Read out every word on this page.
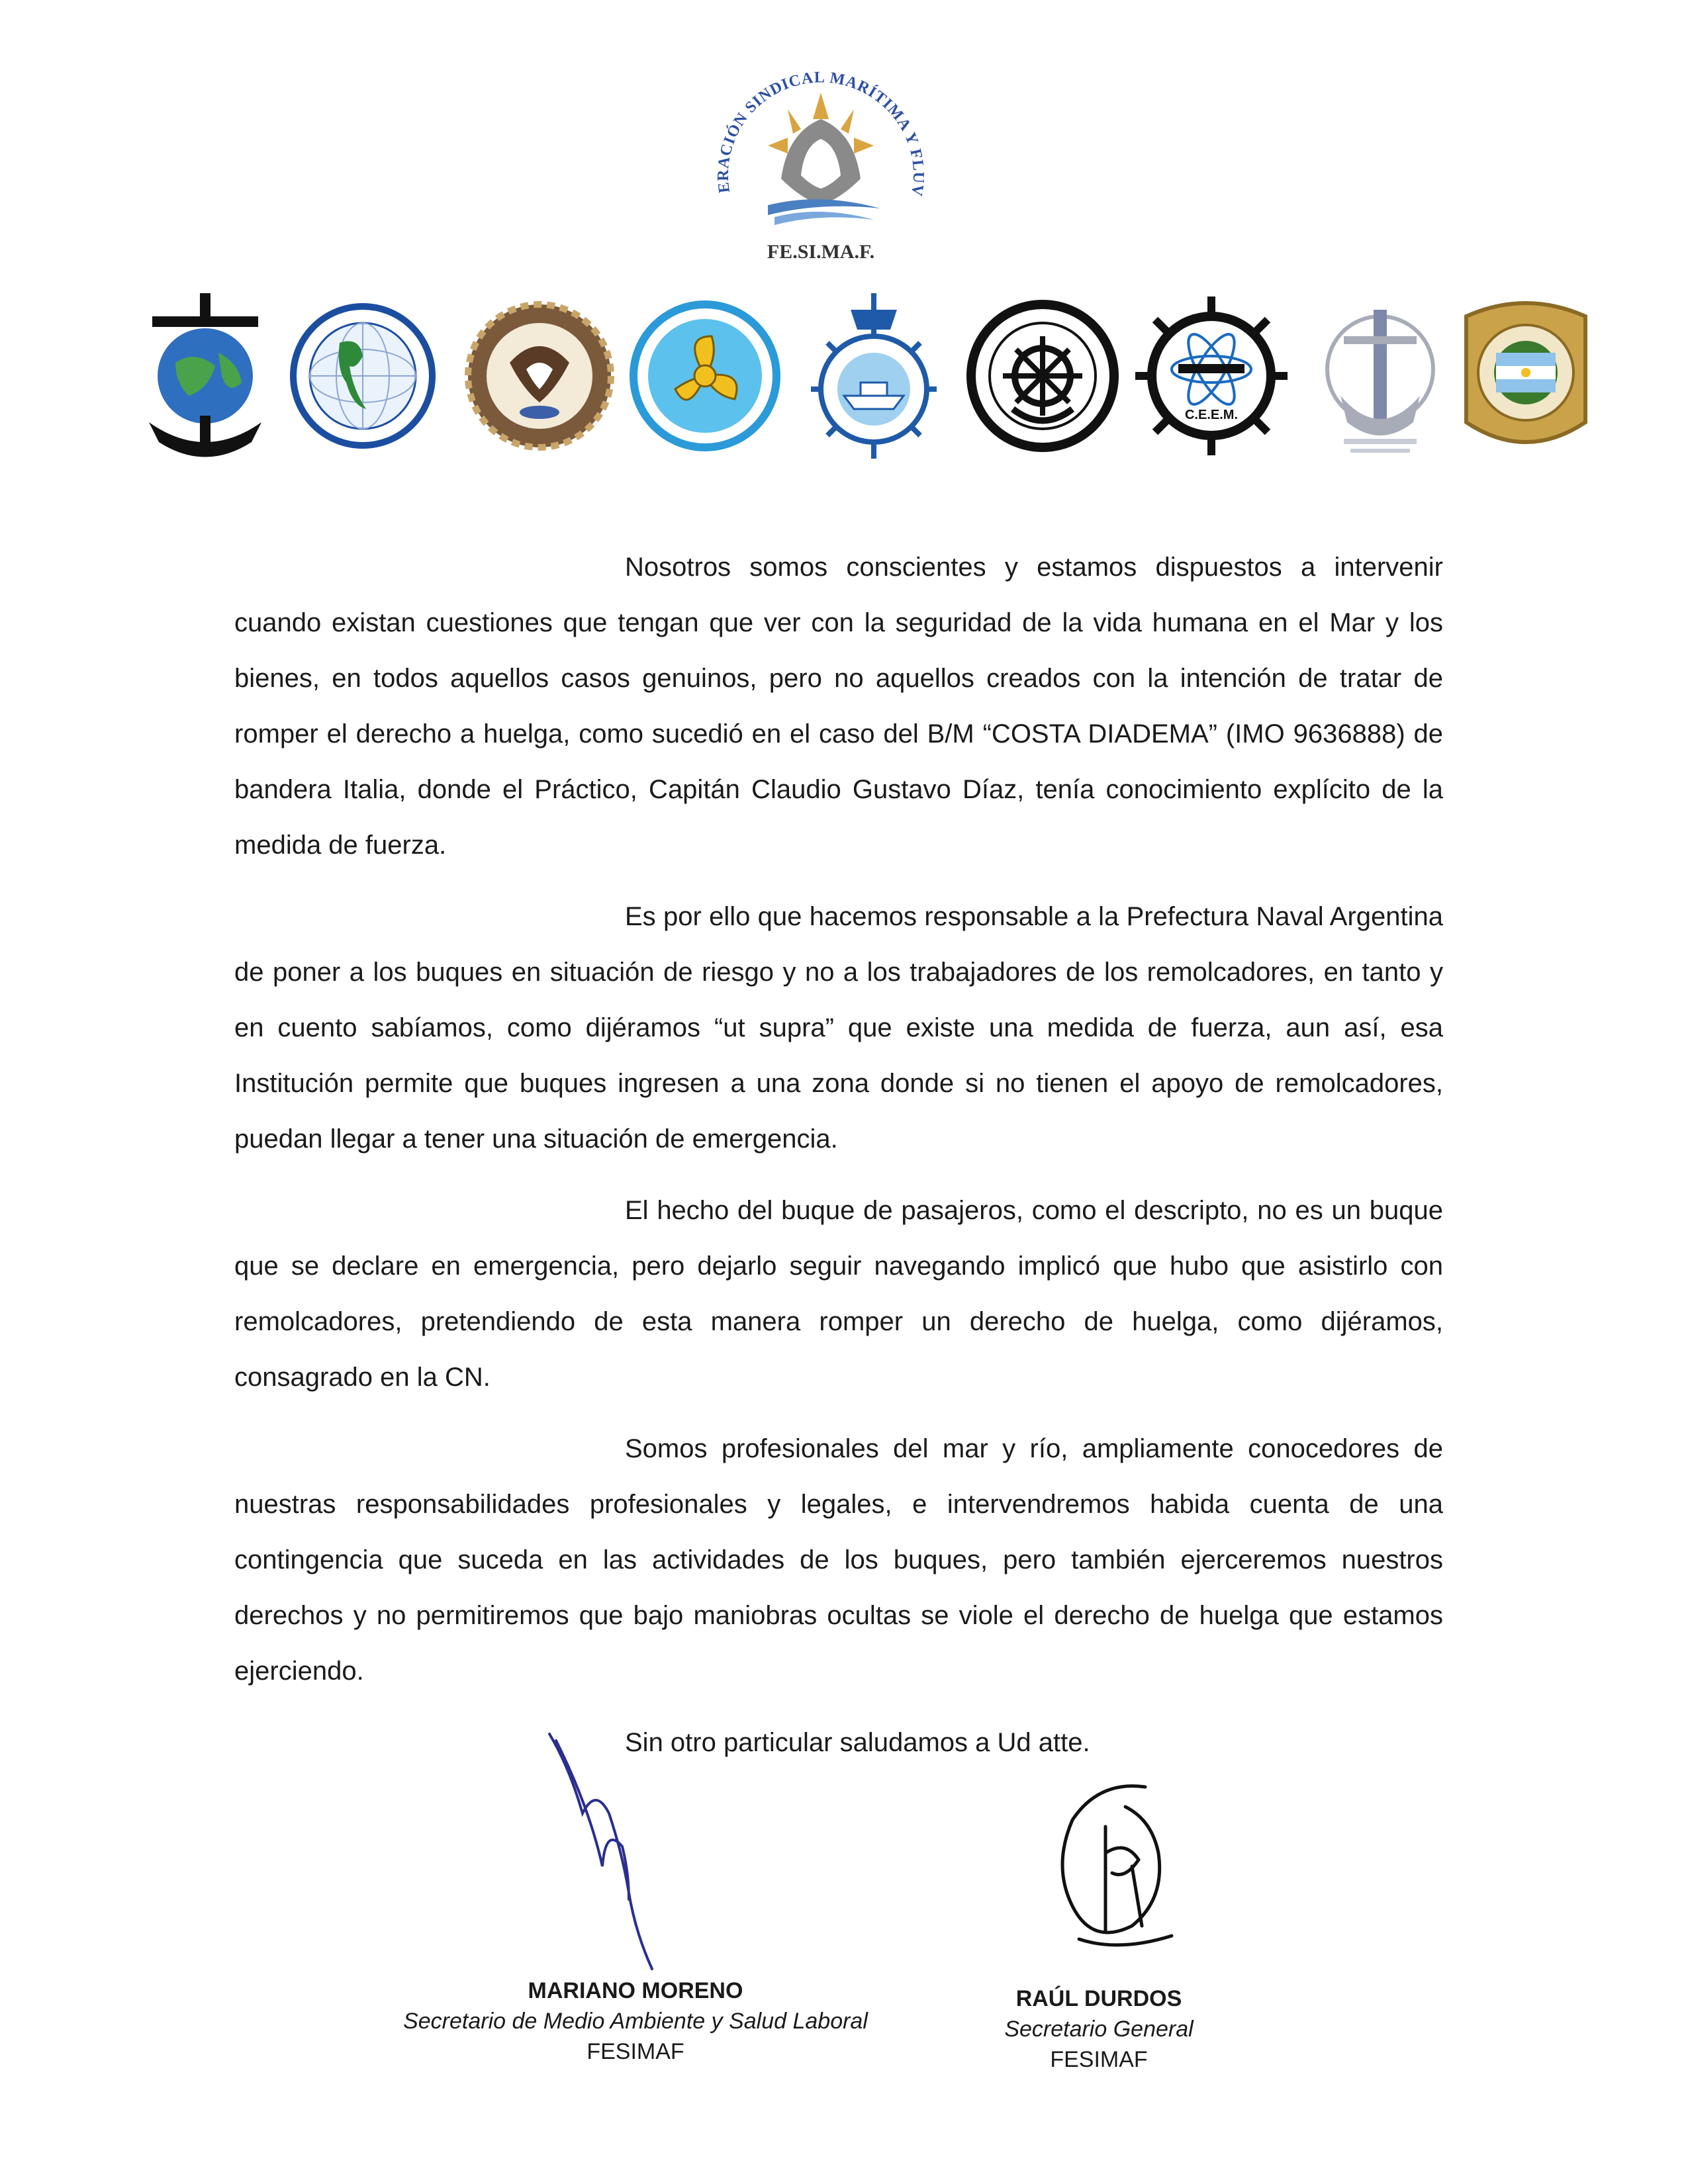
ERACIÓN SINDICAL MARÍTIMA Y FLUV
FE.SI.MA.F.
C.E.E.M.

Nosotros somos conscientes y estamos dispuestos a intervenir cuando existan cuestiones que tengan que ver con la seguridad de la vida humana en el Mar y los bienes, en todos aquellos casos genuinos, pero no aquellos creados con la intención de tratar de romper el derecho a huelga, como sucedió en el caso del B/M “COSTA DIADEMA” (IMO 9636888) de bandera Italia, donde el Práctico, Capitán Claudio Gustavo Díaz, tenía conocimiento explícito de la medida de fuerza.

Es por ello que hacemos responsable a la Prefectura Naval Argentina de poner a los buques en situación de riesgo y no a los trabajadores de los remolcadores, en tanto y en cuento sabíamos, como dijéramos “ut supra” que existe una medida de fuerza, aun así, esa Institución permite que buques ingresen a una zona donde si no tienen el apoyo de remolcadores, puedan llegar a tener una situación de emergencia.

El hecho del buque de pasajeros, como el descripto, no es un buque que se declare en emergencia, pero dejarlo seguir navegando implicó que hubo que asistirlo con remolcadores, pretendiendo de esta manera romper un derecho de huelga, como dijéramos, consagrado en la CN.

Somos profesionales del mar y río, ampliamente conocedores de nuestras responsabilidades profesionales y legales, e intervendremos habida cuenta de una contingencia que suceda en las actividades de los buques, pero también ejerceremos nuestros derechos y no permitiremos que bajo maniobras ocultas se viole el derecho de huelga que estamos ejerciendo.

Sin otro particular saludamos a Ud atte.

MARIANO MORENO
Secretario de Medio Ambiente y Salud Laboral
FESIMAF
RAÚL DURDOS
Secretario General
FESIMAF
